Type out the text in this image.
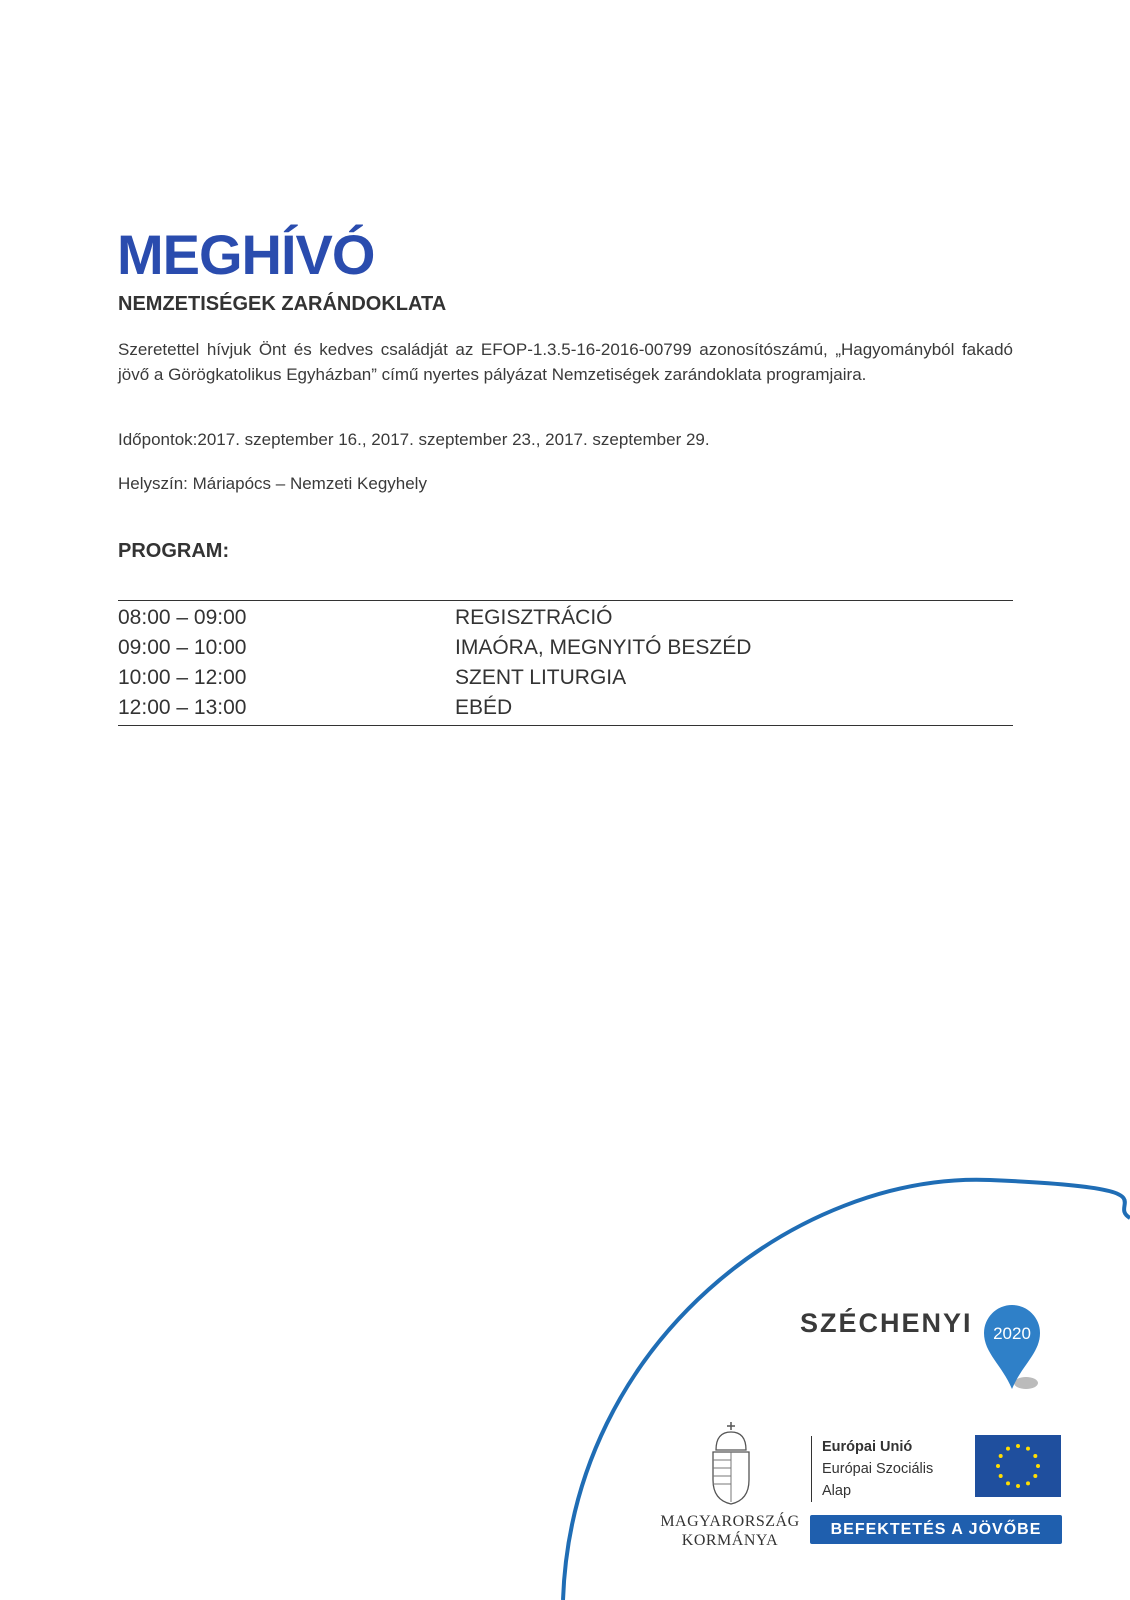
MEGHÍVÓ
NEMZETISÉGEK ZARÁNDOKLATA
Szeretettel hívjuk Önt és kedves családját az EFOP-1.3.5-16-2016-00799 azonosítószámú, „Hagyományból fakadó jövő a Görögkatolikus Egyházban” című nyertes pályázat Nemzetiségek zarándoklata programjaira.
Időpontok:2017. szeptember 16., 2017. szeptember 23., 2017. szeptember 29.
Helyszín: Máriapócs – Nemzeti Kegyhely
PROGRAM:
08:00 – 09:00	REGISZTRÁCIÓ
09:00 – 10:00	IMAÓRA, MEGNYITÓ BESZÉD
10:00 – 12:00	SZENT LITURGIA
12:00 – 13:00	EBÉD
SZÉCHENYI 2020
MAGYARORSZÁG
KORMÁNYA
Európai Unió
Európai Szociális
Alap
BEFEKTETÉS A JÖVŐBE
